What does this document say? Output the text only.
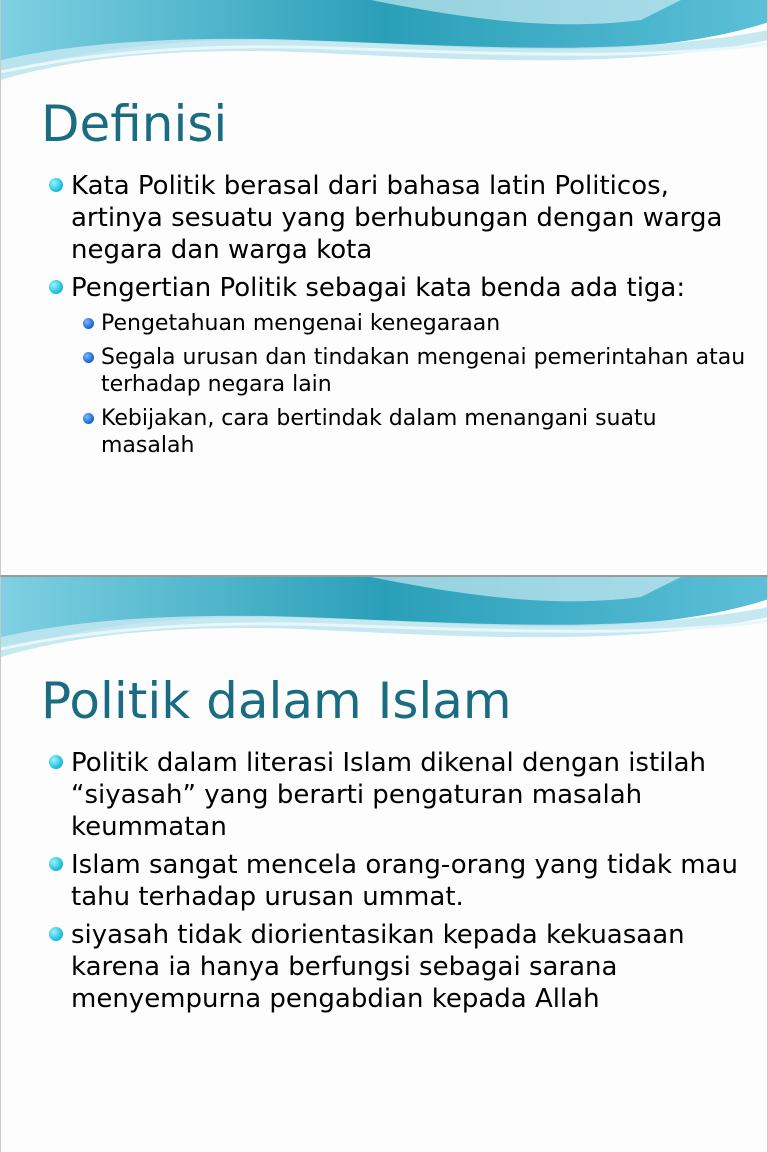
Definisi
Kata Politik berasal dari bahasa latin Politicos, artinya sesuatu yang berhubungan dengan warga negara dan warga kota
Pengertian Politik sebagai kata benda ada tiga:
Pengetahuan mengenai kenegaraan
Segala urusan dan tindakan mengenai pemerintahan atau terhadap negara lain
Kebijakan, cara bertindak dalam menangani suatu masalah
Politik dalam Islam
Politik dalam literasi Islam dikenal dengan istilah “siyasah” yang berarti pengaturan masalah keummatan
Islam sangat mencela orang-orang yang tidak mau tahu terhadap urusan ummat.
siyasah tidak diorientasikan kepada kekuasaan karena ia hanya berfungsi sebagai sarana menyempurna pengabdian kepada Allah
